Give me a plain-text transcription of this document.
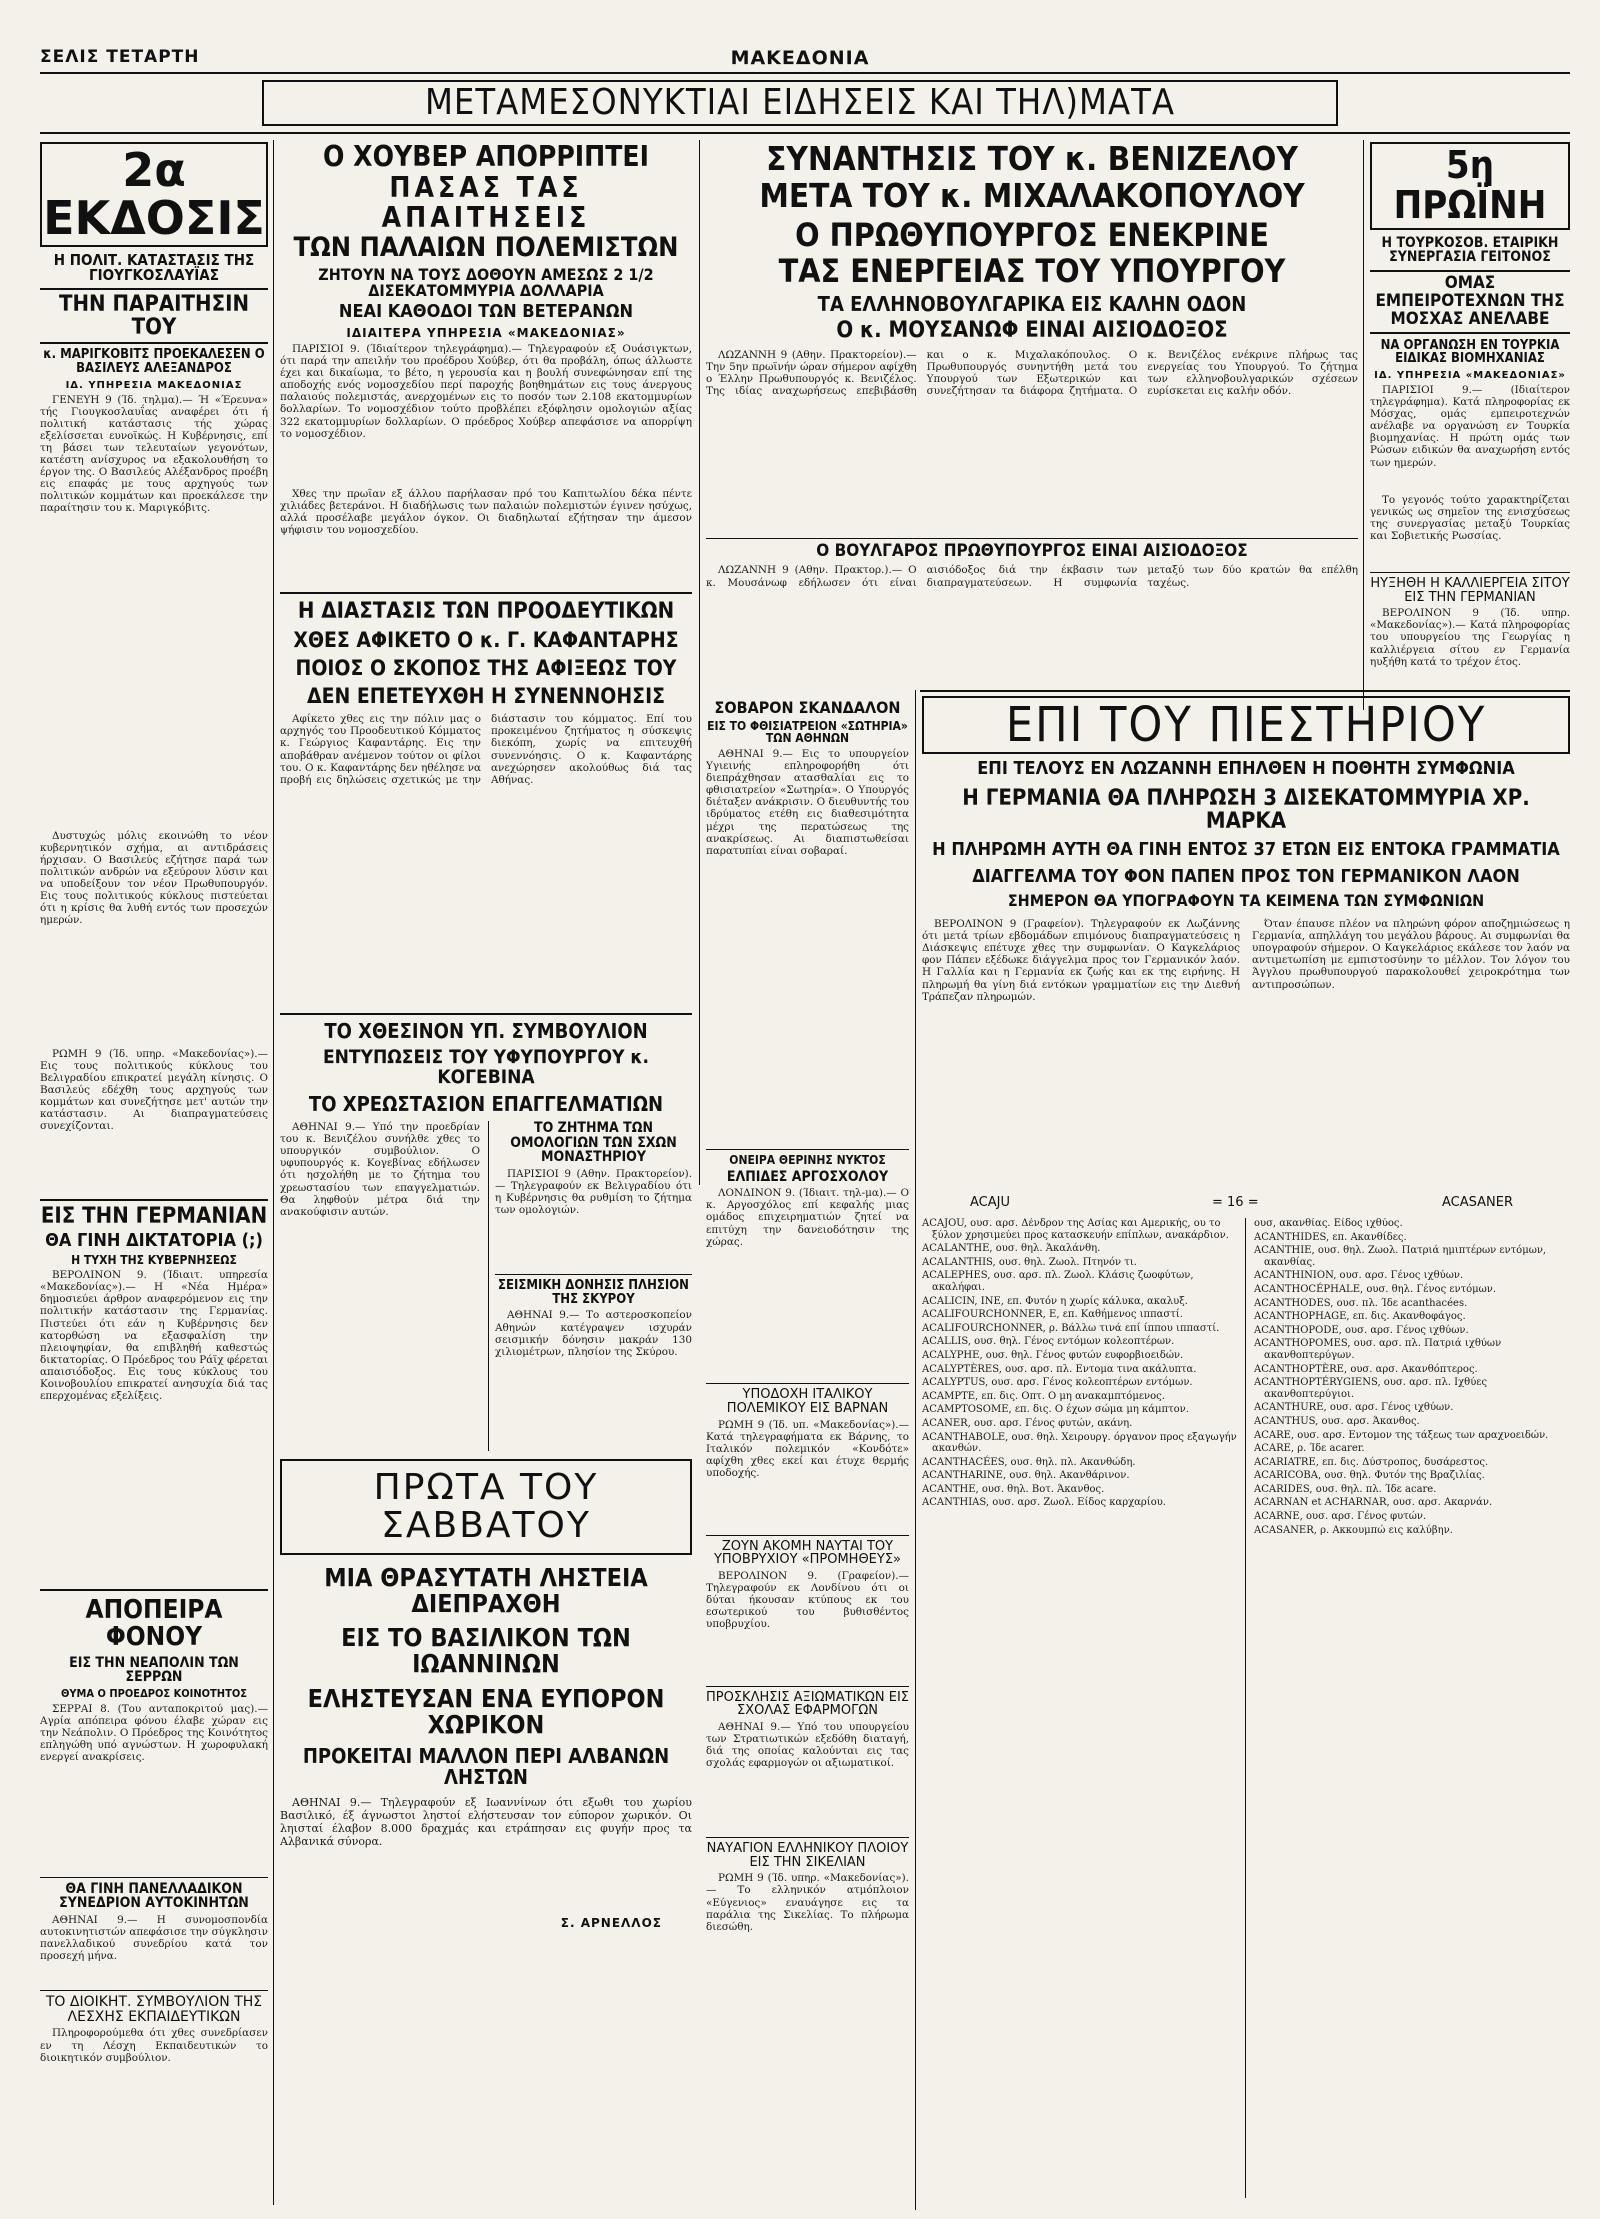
ΣΕΛΙΣ ΤΕΤΑΡΤΗ	ΜΑΚΕΔΟΝΙΑ
ΜΕΤΑΜΕΣΟΝΥΚΤΙΑΙ ΕΙΔΗΣΕΙΣ ΚΑΙ ΤΗΛ)ΜΑΤΑ
2α ΕΚΔΟΣΙΣ
Η ΠΟΛΙΤ. ΚΑΤΑΣΤΑΣΙΣ ΤΗΣ ΓΙΟΥΓΚΟΣΛΑΥΪΑΣ
ΤΗΝ ΠΑΡΑΙΤΗΣΙΝ ΤΟΥ
κ. ΜΑΡΙΓΚΟΒΙΤΣ ΠΡΟΕΚΑΛΕΣΕΝ Ο ΒΑΣΙΛΕΥΣ ΑΛΕΞΑΝΔΡΟΣ
ΙΔ. ΥΠΗΡΕΣΙΑ ΜΑΚΕΔΟΝΙΑΣ
ΓΕΝΕΥΗ 9 (Ίδ. τηλμα).— Ή «Έρευνα» τής Γιουγκοσλαυΐας αναφέρει ότι ή πολιτική κατάστασις τής χώρας εξελίσσεται ευνοϊκώς. Η Κυβέρνησις, επί τη βάσει των τελευταίων γεγονότων, κατέστη ανίσχυρος να εξακολουθήση το έργον της. Ο Βασιλεύς Αλέξανδρος προέβη εις επαφάς με τους αρχηγούς των πολιτικών κομμάτων και προεκάλεσε την παραίτησιν του κ. Μαριγκόβιτς.
Δυστυχώς μόλις εκοινώθη το νέον κυβερνητικόν σχήμα, αι αντιδράσεις ήρχισαν. Ο Βασιλεύς εζήτησε παρά των πολιτικών ανδρών να εξεύρουν λύσιν και να υποδείξουν τον νέον Πρωθυπουργόν. Εις τους πολιτικούς κύκλους πιστεύεται ότι η κρίσις θα λυθή εντός των προσεχών ημερών.
ΡΩΜΗ 9 (Ίδ. υπηρ. «Μακεδονίας»).— Εις τους πολιτικούς κύκλους του Βελιγραδίου επικρατεί μεγάλη κίνησις. Ο Βασιλεύς εδέχθη τους αρχηγούς των κομμάτων και συνεζήτησε μετ' αυτών την κατάστασιν. Αι διαπραγματεύσεις συνεχίζονται.
ΕΙΣ ΤΗΝ ΓΕΡΜΑΝΙΑΝ
ΘΑ ΓΙΝΗ ΔΙΚΤΑΤΟΡΙΑ (;)
Η ΤΥΧΗ ΤΗΣ ΚΥΒΕΡΝΗΣΕΩΣ
ΒΕΡΟΛΙΝΟΝ 9. (Ίδιαιτ. υπηρεσία «Μακεδονίας»).— Η «Νέα Ημέρα» δημοσιεύει άρθρον αναφερόμενον εις την πολιτικήν κατάστασιν της Γερμανίας. Πιστεύει ότι εάν η Κυβέρνησις δεν κατορθώση να εξασφαλίση την πλειοψηφίαν, θα επιβληθή καθεστώς δικτατορίας. Ο Πρόεδρος του Ράϊχ φέρεται απαισιόδοξος. Εις τους κύκλους του Κοινοβουλίου επικρατεί ανησυχία διά τας επερχομένας εξελίξεις.
ΑΠΟΠΕΙΡΑ ΦΟΝΟΥ
ΕΙΣ ΤΗΝ ΝΕΑΠΟΛΙΝ ΤΩΝ ΣΕΡΡΩΝ
ΘΥΜΑ Ο ΠΡΟΕΔΡΟΣ ΚΟΙΝΟΤΗΤΟΣ
ΣΕΡΡΑΙ 8. (Του ανταποκριτού μας).— Αγρία απόπειρα φόνου έλαβε χώραν εις την Νεάπολιν. Ο Πρόεδρος της Κοινότητος επληγώθη υπό αγνώστων. Η χωροφυλακή ενεργεί ανακρίσεις.
ΘΑ ΓΙΝΗ ΠΑΝΕΛΛΑΔΙΚΟΝ ΣΥΝΕΔΡΙΟΝ ΑΥΤΟΚΙΝΗΤΩΝ
ΑΘΗΝΑΙ 9.— Η συνομοσπονδία αυτοκινητιστών απεφάσισε την σύγκλησιν πανελλαδικού συνεδρίου κατά τον προσεχή μήνα.
ΤΟ ΔΙΟΙΚΗΤ. ΣΥΜΒΟΥΛΙΟΝ ΤΗΣ ΛΕΣΧΗΣ ΕΚΠΑΙΔΕΥΤΙΚΩΝ
Πληροφορούμεθα ότι χθες συνεδρίασεν εν τη Λέσχη Εκπαιδευτικών το διοικητικόν συμβούλιον.
Ο ΧΟΥΒΕΡ ΑΠΟΡΡΙΠΤΕΙ
ΠΑΣΑΣ ΤΑΣ ΑΠΑΙΤΗΣΕΙΣ
ΤΩΝ ΠΑΛΑΙΩΝ ΠΟΛΕΜΙΣΤΩΝ
ΖΗΤΟΥΝ ΝΑ ΤΟΥΣ ΔΟΘΟΥΝ ΑΜΕΣΩΣ 2 1/2 ΔΙΣΕΚΑΤΟΜΜΥΡΙΑ ΔΟΛΛΑΡΙΑ
ΝΕΑΙ ΚΑΘΟΔΟΙ ΤΩΝ ΒΕΤΕΡΑΝΩΝ
ΙΔΙΑΙΤΕΡΑ ΥΠΗΡΕΣΙΑ «ΜΑΚΕΔΟΝΙΑΣ»
ΠΑΡΙΣΙΟΙ 9. (Ίδιαίτερον τηλεγράφημα).— Τηλεγραφούν εξ Ουάσιγκτων, ότι παρά την απειλήν του προέδρου Χούβερ, ότι θα προβάλη, όπως άλλωστε έχει και δικαίωμα, το βέτο, η γερουσία και η βουλή συνεφώνησαν επί της αποδοχής ενός νομοσχεδίου περί παροχής βοηθημάτων εις τους άνεργους παλαιούς πολεμιστάς, ανερχομένων εις το ποσόν των 2.108 εκατομμυρίων δολλαρίων. Το νομοσχέδιον τούτο προβλέπει εξόφλησιν ομολογιών αξίας 322 εκατομμυρίων δολλαρίων. Ο πρόεδρος Χούβερ απεφάσισε να απορρίψη το νομοσχέδιον.
Χθες την πρωΐαν εξ άλλου παρήλασαν πρό του Καπιτωλίου δέκα πέντε χιλιάδες βετεράνοι. Η διαδήλωσις των παλαιών πολεμιστών έγινεν ησύχως, αλλά προσέλαβε μεγάλον όγκον. Οι διαδηλωταί εζήτησαν την άμεσον ψήφισιν του νομοσχεδίου.
Η ΔΙΑΣΤΑΣΙΣ ΤΩΝ ΠΡΟΟΔΕΥΤΙΚΩΝ
ΧΘΕΣ ΑΦΙΚΕΤΟ Ο κ. Γ. ΚΑΦΑΝΤΑΡΗΣ
ΠΟΙΟΣ Ο ΣΚΟΠΟΣ ΤΗΣ ΑΦΙΞΕΩΣ ΤΟΥ
ΔΕΝ ΕΠΕΤΕΥΧΘΗ Η ΣΥΝΕΝΝΟΗΣΙΣ
Αφίκετο χθες εις την πόλιν μας ο αρχηγός του Προοδευτικού Κόμματος κ. Γεώργιος Καφαντάρης. Εις την αποβάθραν ανέμενον τούτον οι φίλοι του. Ο κ. Καφαντάρης δεν ηθέλησε να προβή εις δηλώσεις σχετικώς με την διάστασιν του κόμματος. Επί του προκειμένου ζητήματος η σύσκεψις διεκόπη, χωρίς να επιτευχθή συνεννόησις. Ο κ. Καφαντάρης ανεχώρησεν ακολούθως διά τας Αθήνας.
ΤΟ ΧΘΕΣΙΝΟΝ ΥΠ. ΣΥΜΒΟΥΛΙΟΝ
ΕΝΤΥΠΩΣΕΙΣ ΤΟΥ ΥΦΥΠΟΥΡΓΟΥ κ. ΚΟΓΕΒΙΝΑ
ΤΟ ΧΡΕΩΣΤΑΣΙΟΝ ΕΠΑΓΓΕΛΜΑΤΙΩΝ
ΑΘΗΝΑΙ 9.— Υπό την προεδρίαν του κ. Βενιζέλου συνήλθε χθες το υπουργικόν συμβούλιον. Ο υφυπουργός κ. Κογεβίνας εδήλωσεν ότι ησχολήθη με το ζήτημα του χρεωστασίου των επαγγελματιών. Θα ληφθούν μέτρα διά την ανακούφισιν αυτών.
ΤΟ ΖΗΤΗΜΑ ΤΩΝ ΟΜΟΛΟΓΙΩΝ ΤΩΝ ΣΧΩΝ ΜΟΝΑΣΤΗΡΙΟΥ
ΠΑΡΙΣΙΟΙ 9 (Αθην. Πρακτορείον).— Τηλεγραφούν εκ Βελιγραδίου ότι η Κυβέρνησις θα ρυθμίση το ζήτημα των ομολογιών.
ΣΕΙΣΜΙΚΗ ΔΟΝΗΣΙΣ ΠΛΗΣΙΟΝ ΤΗΣ ΣΚΥΡΟΥ
ΑΘΗΝΑΙ 9.— Το αστεροσκοπείον Αθηνών κατέγραψεν ισχυράν σεισμικήν δόνησιν μακράν 130 χιλιομέτρων, πλησίον της Σκύρου.
ΠΡΩΤΑ ΤΟΥ ΣΑΒΒΑΤΟΥ
ΜΙΑ ΘΡΑΣΥΤΑΤΗ ΛΗΣΤΕΙΑ ΔΙΕΠΡΑΧΘΗ
ΕΙΣ ΤΟ ΒΑΣΙΛΙΚΟΝ ΤΩΝ ΙΩΑΝΝΙΝΩΝ
ΕΛΗΣΤΕΥΣΑΝ ΕΝΑ ΕΥΠΟΡΟΝ ΧΩΡΙΚΟΝ
ΠΡΟΚΕΙΤΑΙ ΜΑΛΛΟΝ ΠΕΡΙ ΑΛΒΑΝΩΝ ΛΗΣΤΩΝ
ΑΘΗΝΑΙ 9.— Τηλεγραφούν εξ Ιωαννίνων ότι εξωθι του χωρίου Βασιλικό, έξ άγνωστοι ληστοί ελήστευσαν τον εύπορον χωρικόν. Οι ληισταί έλαβον 8.000 δραχμάς και ετράπησαν εις φυγήν προς τα Αλβανικά σύνορα.
Σ. ΑΡΝΕΛΛΟΣ
ΣΥΝΑΝΤΗΣΙΣ ΤΟΥ κ. ΒΕΝΙΖΕΛΟΥ
ΜΕΤΑ ΤΟΥ κ. ΜΙΧΑΛΑΚΟΠΟΥΛΟΥ
Ο ΠΡΩΘΥΠΟΥΡΓΟΣ ΕΝΕΚΡΙΝΕ
ΤΑΣ ΕΝΕΡΓΕΙΑΣ ΤΟΥ ΥΠΟΥΡΓΟΥ
ΤΑ ΕΛΛΗΝΟΒΟΥΛΓΑΡΙΚΑ ΕΙΣ ΚΑΛΗΝ ΟΔΟΝ
Ο κ. ΜΟΥΣΑΝΩΦ ΕΙΝΑΙ ΑΙΣΙΟΔΟΞΟΣ
ΛΩΖΑΝΝΗ 9 (Αθην. Πρακτορείον).— Την 5ην πρωϊνήν ώραν σήμερον αφίχθη ο Έλλην Πρωθυπουργός κ. Βενιζέλος. Της ιδίας αναχωρήσεως επεβιβάσθη και ο κ. Μιχαλακόπουλος. Ο Πρωθυπουργός συνηντήθη μετά του Υπουργού των Εξωτερικών και συνεζήτησαν τα διάφορα ζητήματα. Ο κ. Βενιζέλος ενέκρινε πλήρως τας ενεργείας του Υπουργού. Το ζήτημα των ελληνοβουλγαρικών σχέσεων ευρίσκεται εις καλήν οδόν.
Ο ΒΟΥΛΓΑΡΟΣ ΠΡΩΘΥΠΟΥΡΓΟΣ ΕΙΝΑΙ ΑΙΣΙΟΔΟΞΟΣ
ΛΩΖΑΝΝΗ 9 (Αθην. Πρακτορ.).— Ο κ. Μουσάνωφ εδήλωσεν ότι είναι αισιόδοξος διά την έκβασιν των διαπραγματεύσεων. Η συμφωνία μεταξύ των δύο κρατών θα επέλθη ταχέως.
ΣΟΒΑΡΟΝ ΣΚΑΝΔΑΛΟΝ
ΕΙΣ ΤΟ ΦΘΙΣΙΑΤΡΕΙΟΝ «ΣΩΤΗΡΙΑ» ΤΩΝ ΑΘΗΝΩΝ
ΑΘΗΝΑΙ 9.— Εις το υπουργείον Υγιεινής επληροφορήθη ότι διεπράχθησαν ατασθαλίαι εις το φθισιατρείον «Σωτηρία». Ο Υπουργός διέταξεν ανάκρισιν. Ο διευθυντής του ιδρύματος ετέθη εις διαθεσιμότητα μέχρι της περατώσεως της ανακρίσεως. Αι διαπιστωθείσαι παρατυπίαι είναι σοβαραί.
ΟΝΕΙΡΑ ΘΕΡΙΝΗΣ ΝΥΚΤΟΣ
ΕΛΠΙΔΕΣ ΑΡΓΟΣΧΟΛΟΥ
ΛΟΝΔΙΝΟΝ 9. (Ίδιαιτ. τηλ-μα).— Ο κ. Αργοσχόλος επί κεφαλής μιας ομάδος επιχειρηματιών ζητεί να επιτύχη την δανειοδότησιν της χώρας.
ΥΠΟΔΟΧΗ ΙΤΑΛΙΚΟΥ ΠΟΛΕΜΙΚΟΥ ΕΙΣ ΒΑΡΝΑΝ
ΡΩΜΗ 9 (Ίδ. υπ. «Μακεδονίας»).— Κατά τηλεγραφήματα εκ Βάρνης, το Ιταλικόν πολεμικόν «Κονδότε» αφίχθη χθες εκεί και έτυχε θερμής υποδοχής.
ΖΟΥΝ ΑΚΟΜΗ ΝΑΥΤΑΙ ΤΟΥ ΥΠΟΒΡΥΧΙΟΥ «ΠΡΟΜΗΘΕΥΣ»
ΒΕΡΟΛΙΝΟΝ 9. (Γραφείον).— Τηλεγραφούν εκ Λονδίνου ότι οι δύται ήκουσαν κτύπους εκ του εσωτερικού του βυθισθέντος υποβρυχίου.
ΠΡΟΣΚΛΗΣΙΣ ΑΞΙΩΜΑΤΙΚΩΝ ΕΙΣ ΣΧΟΛΑΣ ΕΦΑΡΜΟΓΩΝ
ΑΘΗΝΑΙ 9.— Υπό του υπουργείου των Στρατιωτικών εξεδόθη διαταγή, διά της οποίας καλούνται εις τας σχολάς εφαρμογών οι αξιωματικοί.
ΝΑΥΑΓΙΟΝ ΕΛΛΗΝΙΚΟΥ ΠΛΟΙΟΥ ΕΙΣ ΤΗΝ ΣΙΚΕΛΙΑΝ
ΡΩΜΗ 9 (Ίδ. υπηρ. «Μακεδονίας»).— Το ελληνικόν ατμόπλοιον «Εύγενιος» εναυάγησε εις τα παράλια της Σικελίας. Το πλήρωμα διεσώθη.
5η ΠΡΩΪΝΗ
Η ΤΟΥΡΚΟΣΟΒ. ΕΤΑΙΡΙΚΗ ΣΥΝΕΡΓΑΣΙΑ ΓΕΙΤΟΝΟΣ
ΟΜΑΣ ΕΜΠΕΙΡΟΤΕΧΝΩΝ ΤΗΣ ΜΟΣΧΑΣ ΑΝΕΛΑΒΕ
ΝΑ ΟΡΓΑΝΩΣΗ ΕΝ ΤΟΥΡΚΙΑ ΕΙΔΙΚΑΣ ΒΙΟΜΗΧΑΝΙΑΣ
ΙΔ. ΥΠΗΡΕΣΙΑ «ΜΑΚΕΔΟΝΙΑΣ»
ΠΑΡΙΣΙΟΙ 9.— (Ιδιαίτερον τηλεγράφημα). Κατά πληροφορίας εκ Μόσχας, ομάς εμπειροτεχνών ανέλαβε να οργανώση εν Τουρκία βιομηχανίας. Η πρώτη ομάς των Ρώσων ειδικών θα αναχωρήση εντός των ημερών.
Το γεγονός τούτο χαρακτηρίζεται γενικώς ως σημεῖον της ενισχύσεως της συνεργασίας μεταξύ Τουρκίας και Σοβιετικής Ρωσσίας.
ΗΥΞΗΘΗ Η ΚΑΛΛΙΕΡΓΕΙΑ ΣΙΤΟΥ ΕΙΣ ΤΗΝ ΓΕΡΜΑΝΙΑΝ
ΒΕΡΟΛΙΝΟΝ 9 (Ίδ. υπηρ. «Μακεδονίας»).— Κατά πληροφορίας του υπουργείου της Γεωργίας η καλλιέργεια σίτου εν Γερμανία ηυξήθη κατά το τρέχον έτος.
ΕΠΙ ΤΟΥ ΠΙΕΣΤΗΡΙΟΥ
ΕΠΙ ΤΕΛΟΥΣ ΕΝ ΛΩΖΑΝΝΗ ΕΠΗΛΘΕΝ Η ΠΟΘΗΤΗ ΣΥΜΦΩΝΙΑ
Η ΓΕΡΜΑΝΙΑ ΘΑ ΠΛΗΡΩΣΗ 3 ΔΙΣΕΚΑΤΟΜΜΥΡΙΑ ΧΡ. ΜΑΡΚΑ
Η ΠΛΗΡΩΜΗ ΑΥΤΗ ΘΑ ΓΙΝΗ ΕΝΤΟΣ 37 ΕΤΩΝ ΕΙΣ ΕΝΤΟΚΑ ΓΡΑΜΜΑΤΙΑ
ΔΙΑΓΓΕΛΜΑ ΤΟΥ ΦΟΝ ΠΑΠΕΝ ΠΡΟΣ ΤΟΝ ΓΕΡΜΑΝΙΚΟΝ ΛΑΟΝ
ΣΗΜΕΡΟΝ ΘΑ ΥΠΟΓΡΑΦΟΥΝ ΤΑ ΚΕΙΜΕΝΑ ΤΩΝ ΣΥΜΦΩΝΙΩΝ
ΒΕΡΟΛΙΝΟΝ 9 (Γραφείον). Τηλεγραφούν εκ Λωζάννης ότι μετά τρίων εβδομάδων επιμόνους διαπραγματεύσεις η Διάσκεψις επέτυχε χθες την συμφωνίαν. Ο Καγκελάριος φον Πάπεν εξέδωκε διάγγελμα προς τον Γερμανικόν λαόν. Η Γαλλία και η Γερμανία εκ ζωής και εκ της ειρήνης. Η πληρωμή θα γίνη διά εντόκων γραμματίων εις την Διεθνή Τράπεζαν πληρωμών.
Όταν έπαυσε πλέον να πληρώνη φόρον αποζημιώσεως η Γερμανία, απηλλάγη του μεγάλου βάρους. Αι συμφωνίαι θα υπογραφούν σήμερον. Ο Καγκελάριος εκάλεσε τον λαόν να αντιμετωπίση με εμπιστοσύνην το μέλλον. Τον λόγον του Άγγλου πρωθυπουργού παρακολουθεί χειροκρότημα των αντιπροσώπων.
ACAJU	= 16 =	ACASANER

ACAJOU, ουσ. αρσ. Δένδρον της Ασίας και Αμερικής, ου το ξύλον χρησιμεύει προς κατασκευήν επίπλων, ανακάρδιον.

ACALANTHE, ουσ. θηλ. Άκαλάνθη.

ACALANTHIS, ουσ. θηλ. Ζωολ. Πτηνόν τι.

ACALEPHES, ουσ. αρσ. πλ. Ζωολ. Κλάσις ζωοφύτων, ακαλήφαι.

ACALICIN, INE, επ. Φυτόν η χωρίς κάλυκα, ακαλυξ.

ACALIFOURCHONNER, Ε, επ. Καθήμενος ιππαστί.

ACALIFOURCHONNER, ρ. Βάλλω τινά επί ίππου ιππαστί.

ACALLIS, ουσ. θηλ. Γένος εντόμων κολεοπτέρων.

ACALYPHE, ουσ. θηλ. Γένος φυτών ευφορβιοειδών.

ACALYPTÈRES, ουσ. αρσ. πλ. Εντομα τινα ακάλυπτα.

ACALYPTUS, ουσ. αρσ. Γένος κολεοπτέρων εντόμων.

ACAMPTE, επ. δις. Οπτ. Ο μη ανακαμπτόμενος.

ACAMPTOSOME, επ. δις. Ο έχων σώμα μη κάμπτον.

ACANER, ουσ. αρσ. Γένος φυτών, ακάνη.

ACANTHABOLE, ουσ. θηλ. Χειρουργ. όργανον προς εξαγωγήν ακανθών.

ACANTHACÉES, ουσ. θηλ. πλ. Ακανθώδη.

ACANTHARINE, ουσ. θηλ. Ακανθάρινον.

ACANTHE, ουσ. θηλ. Βοτ. Άκανθος.

ACANTHIAS, ουσ. αρσ. Ζωολ. Είδος καρχαρίου.

ουσ, ακανθίας. Είδος ιχθύος.

ACANTHIDES, επ. Ακανθίδες.

ACANTHIE, ουσ. θηλ. Ζωολ. Πατριά ημιπτέρων εντόμων, ακανθίας.

ACANTHINION, ουσ. αρσ. Γένος ιχθύων.

ACANTHOCÉPHALE, ουσ. θηλ. Γένος εντόμων.

ACANTHODES, ουσ. πλ. Ίδε acanthacées.

ACANTHOPHAGE, επ. δις. Ακανθοφάγος.

ACANTHOPODE, ουσ. αρσ. Γένος ιχθύων.

ACANTHOPOMES, ουσ. αρσ. πλ. Πατριά ιχθύων ακανθοπτερύγων.

ACANTHOPTÈRE, ουσ. αρσ. Ακανθόπτερος.

ACANTHOPTÉRYGIENS, ουσ. αρσ. πλ. Ιχθύες ακανθοπτερύγιοι.

ACANTHURE, ουσ. αρσ. Γένος ιχθύων.

ACANTHUS, ουσ. αρσ. Άκανθος.

ACARE, ουσ. αρσ. Εντομον της τάξεως των αραχνοειδών.

ACARE, ρ. Ίδε acarer.

ACARIATRE, επ. δις. Δύστροπος, δυσάρεστος.

ACARICOBA, ουσ. θηλ. Φυτόν της Βραζιλίας.

ACARIDES, ουσ. θηλ. πλ. Ίδε acare.

ACARNAN et ACHARNAR, ουσ. αρσ. Ακαρνάν.

ACARNE, ουσ. αρσ. Γένος φυτών.

ACASANER, ρ. Ακκουμπώ εις καλύβην.
